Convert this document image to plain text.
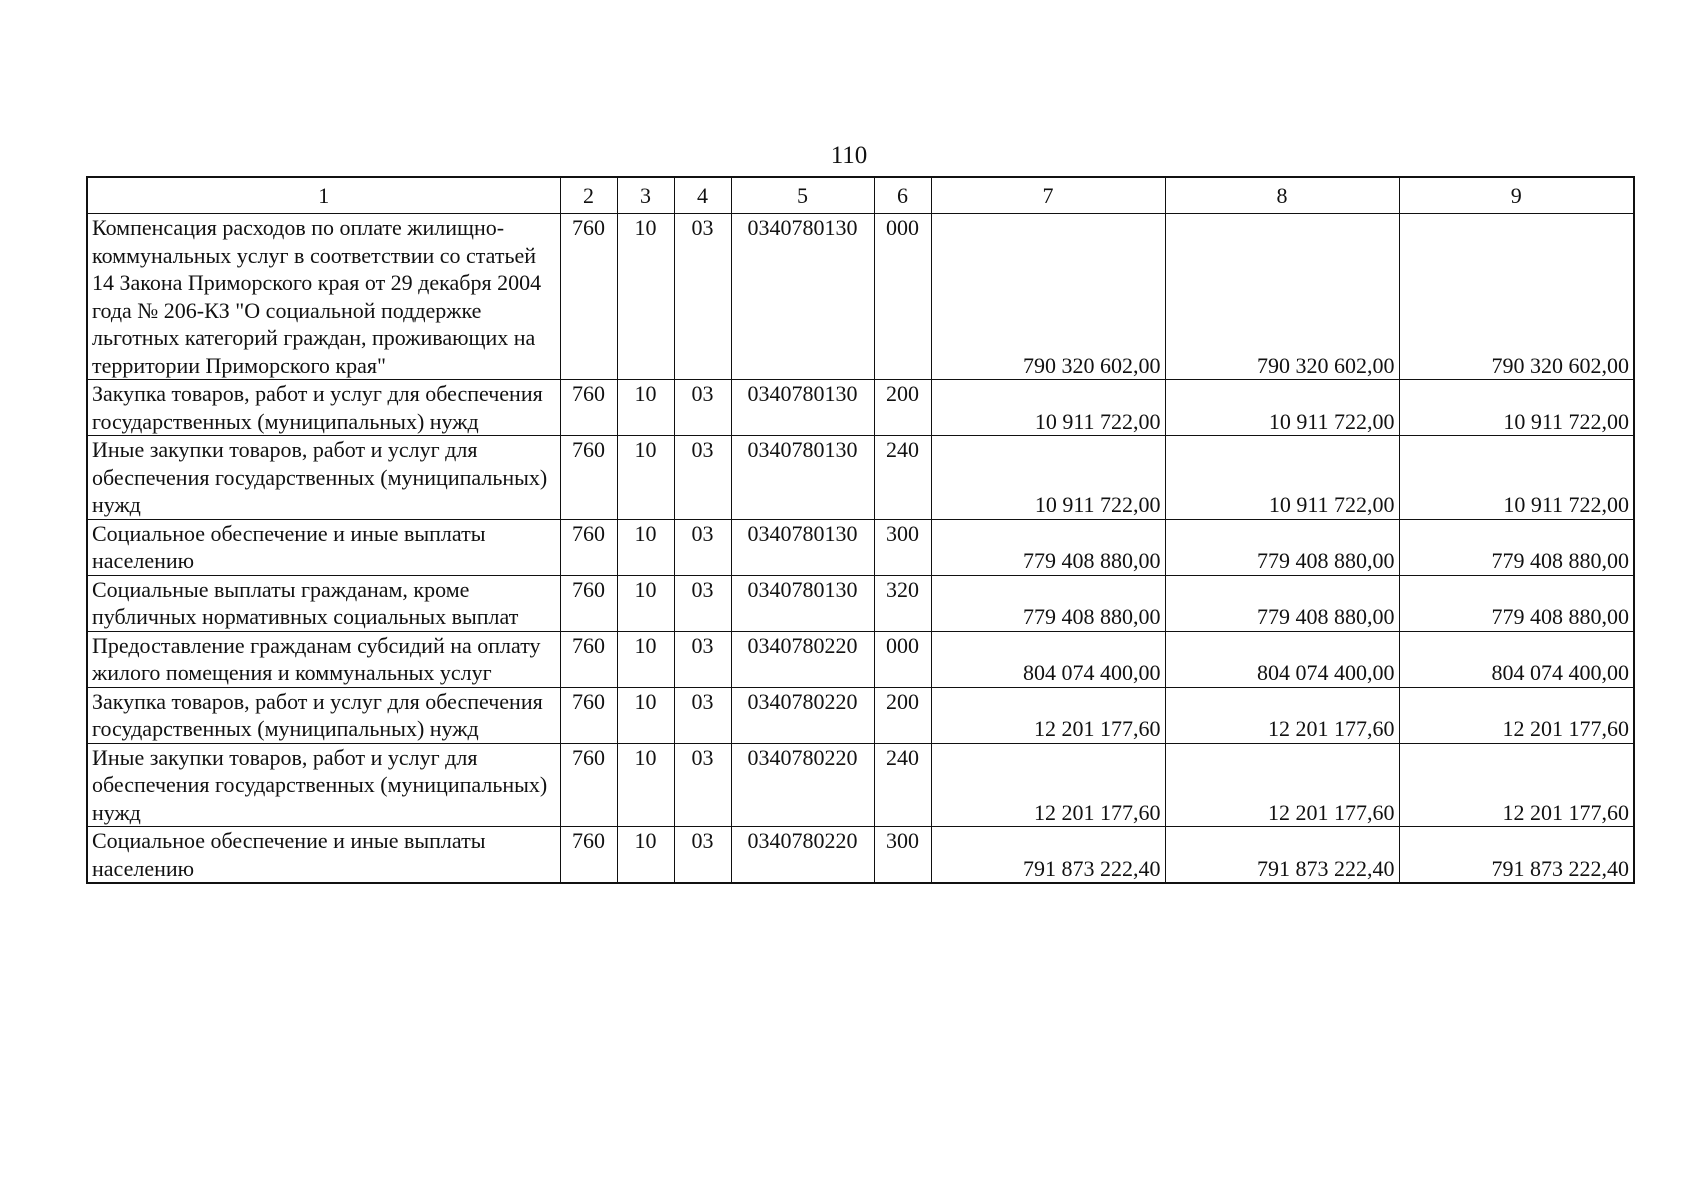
110
1	2	3	4	5	6	7	8	9
Компенсация расходов по оплате жилищно-коммунальных услуг в соответствии со статьей 14 Закона Приморского края от 29 декабря 2004 года № 206-КЗ "О социальной поддержке льготных категорий граждан, проживающих на территории Приморского края"	760	10	03	0340780130	000	790 320 602,00	790 320 602,00	790 320 602,00
Закупка товаров, работ и услуг для обеспечения государственных (муниципальных) нужд	760	10	03	0340780130	200	10 911 722,00	10 911 722,00	10 911 722,00
Иные закупки товаров, работ и услуг для обеспечения государственных (муниципальных) нужд	760	10	03	0340780130	240	10 911 722,00	10 911 722,00	10 911 722,00
Социальное обеспечение и иные выплаты населению	760	10	03	0340780130	300	779 408 880,00	779 408 880,00	779 408 880,00
Социальные выплаты гражданам, кроме публичных нормативных социальных выплат	760	10	03	0340780130	320	779 408 880,00	779 408 880,00	779 408 880,00
Предоставление гражданам субсидий на оплату жилого помещения и коммунальных услуг	760	10	03	0340780220	000	804 074 400,00	804 074 400,00	804 074 400,00
Закупка товаров, работ и услуг для обеспечения государственных (муниципальных) нужд	760	10	03	0340780220	200	12 201 177,60	12 201 177,60	12 201 177,60
Иные закупки товаров, работ и услуг для обеспечения государственных (муниципальных) нужд	760	10	03	0340780220	240	12 201 177,60	12 201 177,60	12 201 177,60
Социальное обеспечение и иные выплаты населению	760	10	03	0340780220	300	791 873 222,40	791 873 222,40	791 873 222,40
